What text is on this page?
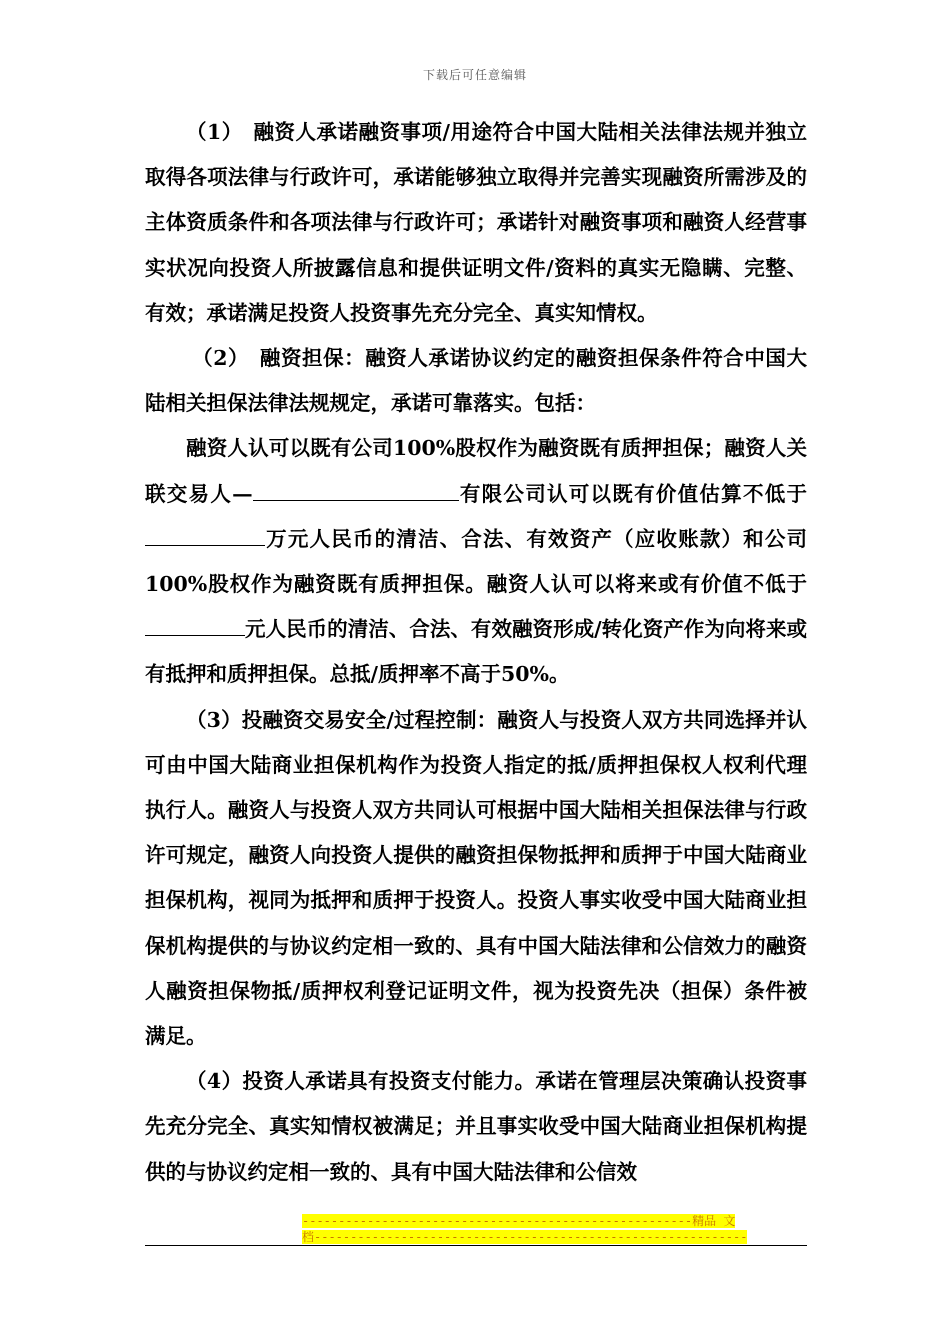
下载后可任意编辑

（1）　融资人承诺融资事项/用途符合中国大陆相关法律法规并独立取得各项法律与行政许可，承诺能够独立取得并完善实现融资所需涉及的主体资质条件和各项法律与行政许可；承诺针对融资事项和融资人经营事实状况向投资人所披露信息和提供证明文件/资料的真实无隐瞒、完整、有效；承诺满足投资人投资事先充分完全、真实知情权。

（2）　融资担保：融资人承诺协议约定的融资担保条件符合中国大陆相关担保法律法规规定，承诺可靠落实。包括：

融资人认可以既有公司100%股权作为融资既有质押担保；融资人关联交易人—	有限公司认可以既有价值估算不低于万元人民币的清洁、合法、有效资产（应收账款）和公司100%股权作为融资既有质押担保。融资人认可以将来或有价值不低于元人民币的清洁、合法、有效融资形成/转化资产作为向将来或有抵押和质押担保。总抵/质押率不高于50%。

（3）投融资交易安全/过程控制：融资人与投资人双方共同选择并认可由中国大陆商业担保机构作为投资人指定的抵/质押担保权人权利代理执行人。融资人与投资人双方共同认可根据中国大陆相关担保法律与行政许可规定，融资人向投资人提供的融资担保物抵押和质押于中国大陆商业担保机构，视同为抵押和质押于投资人。投资人事实收受中国大陆商业担保机构提供的与协议约定相一致的、具有中国大陆法律和公信效力的融资人融资担保物抵/质押权利登记证明文件，视为投资先决（担保）条件被满足。

（4）投资人承诺具有投资支付能力。承诺在管理层决策确认投资事先充分完全、真实知情权被满足；并且事实收受中国大陆商业担保机构提供的与协议约定相一致的、具有中国大陆法律和公信效

------------------------------------------------------精品 文
档------------------------------------------------------------
